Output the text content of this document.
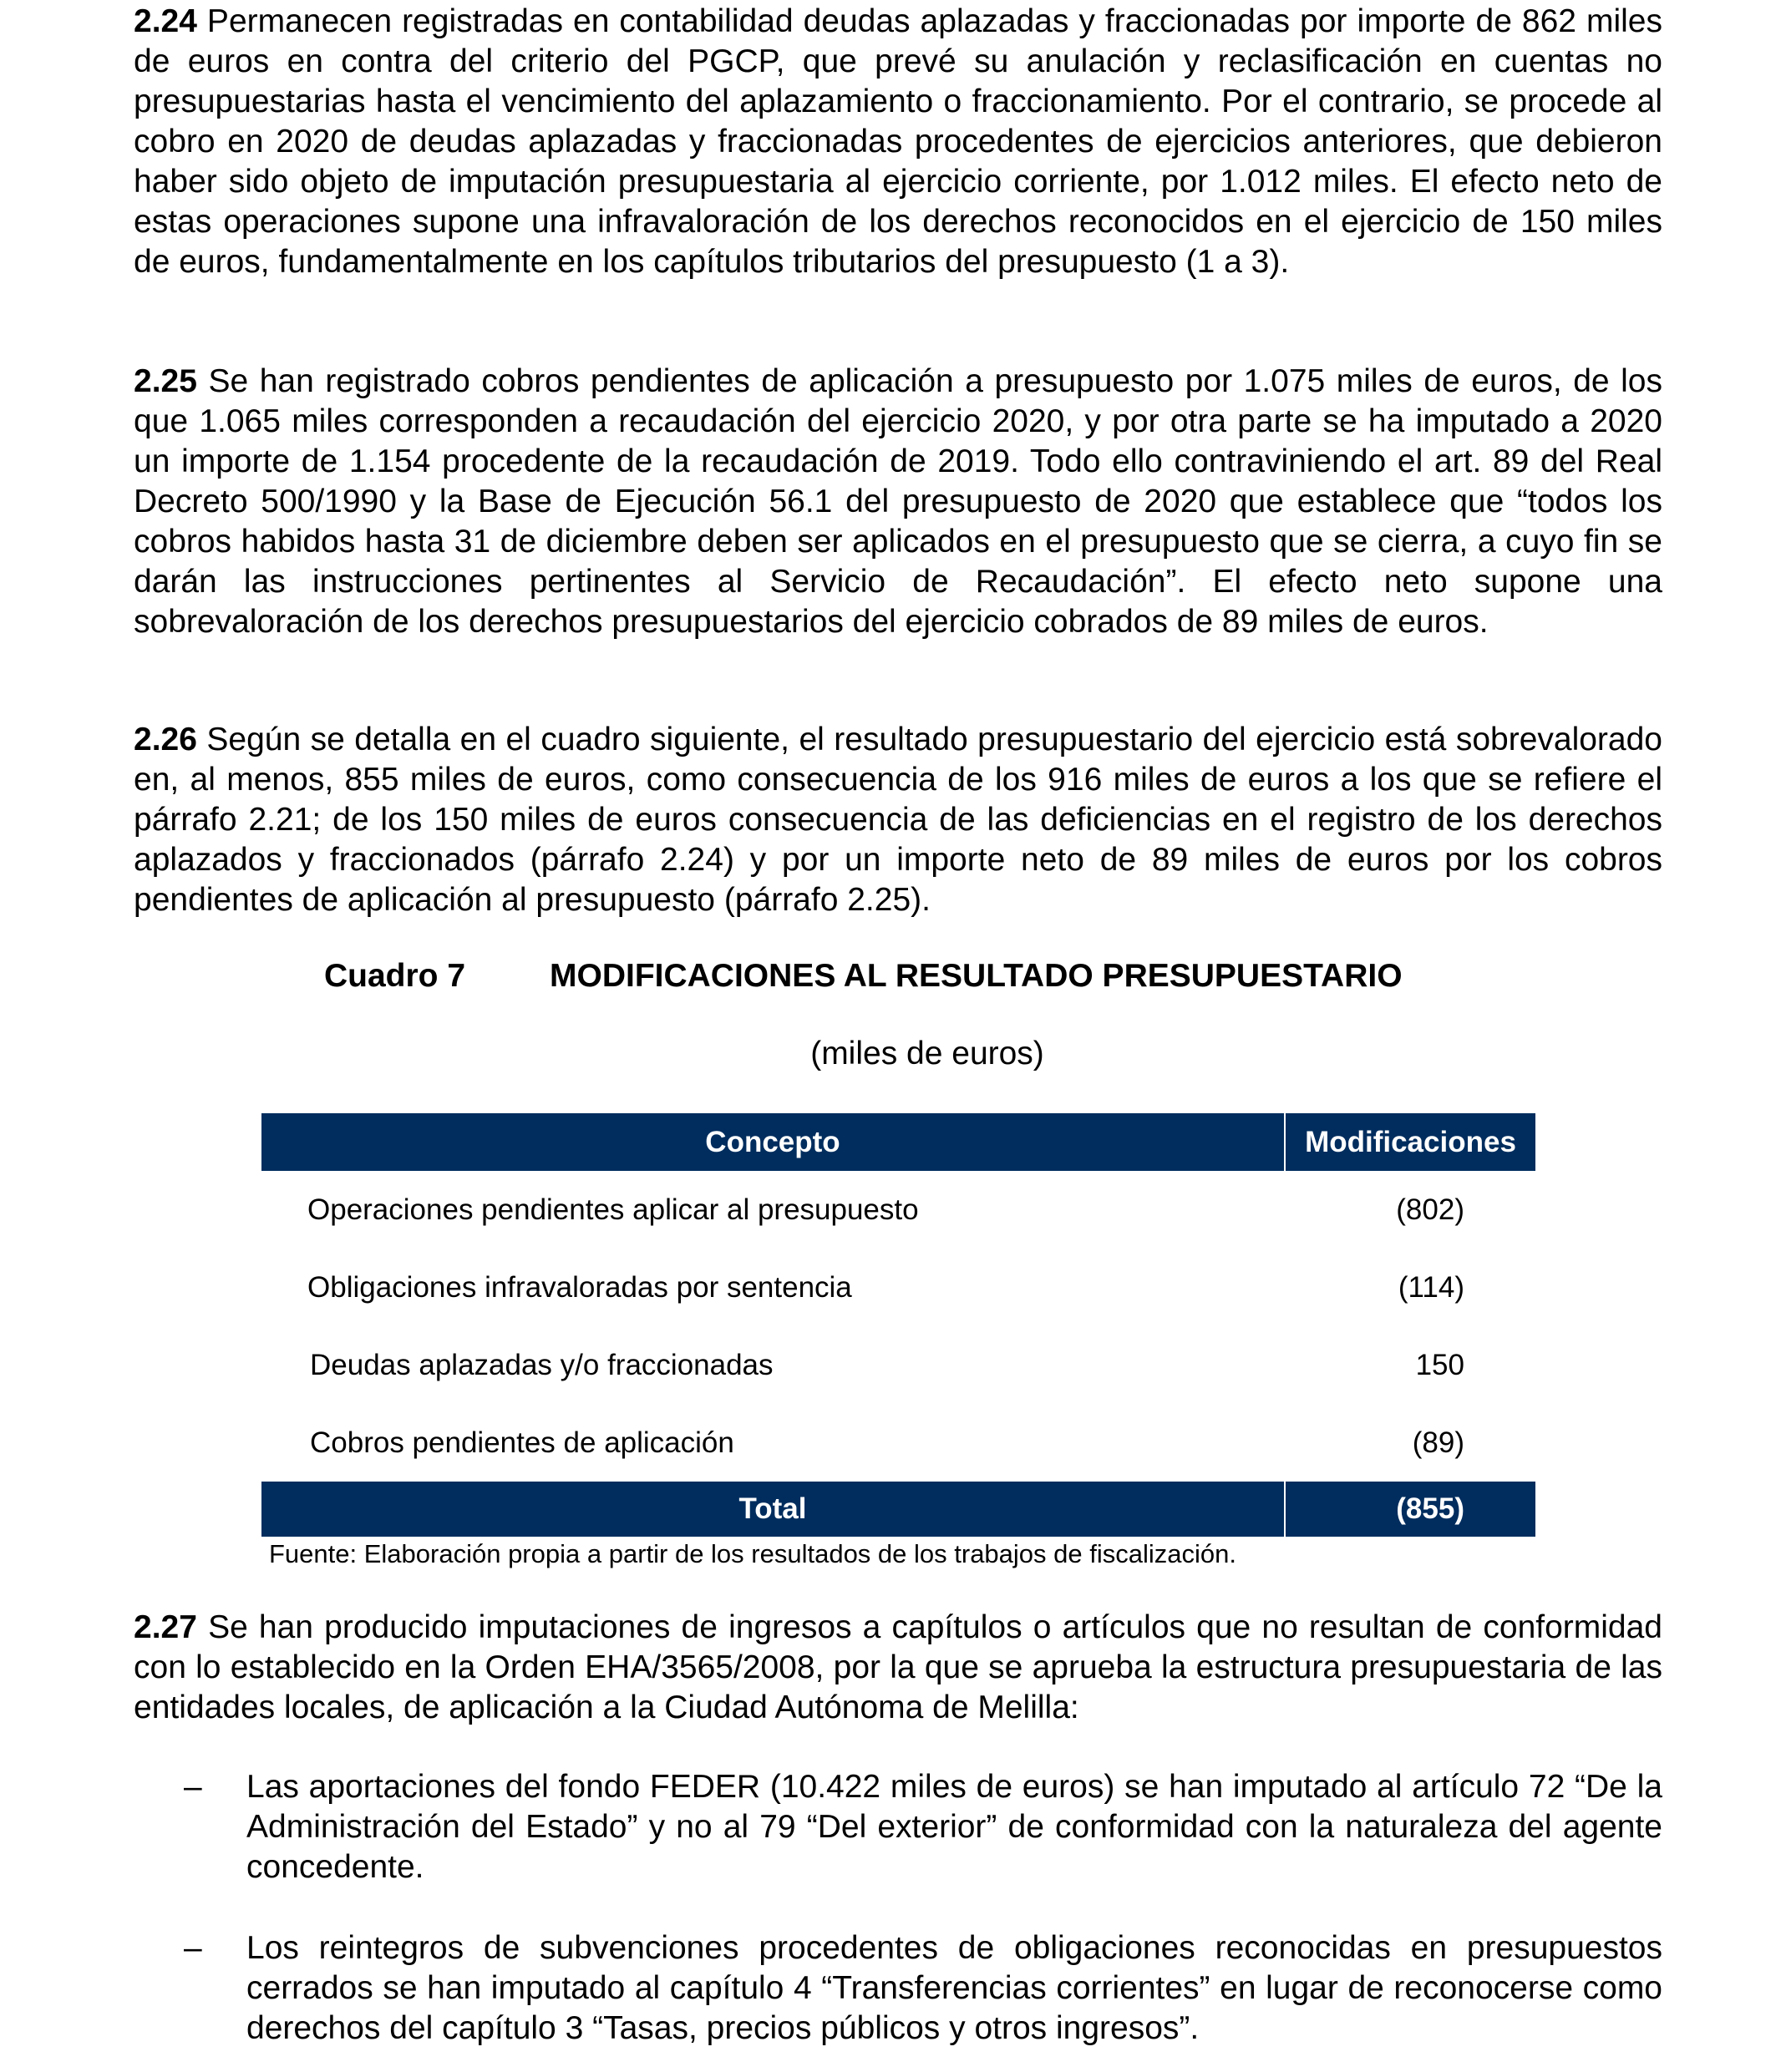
2.24 Permanecen registradas en contabilidad deudas aplazadas y fraccionadas por importe de 862 miles de euros en contra del criterio del PGCP, que prevé su anulación y reclasificación en cuentas no presupuestarias hasta el vencimiento del aplazamiento o fraccionamiento. Por el contrario, se procede al cobro en 2020 de deudas aplazadas y fraccionadas procedentes de ejercicios anteriores, que debieron haber sido objeto de imputación presupuestaria al ejercicio corriente, por 1.012 miles. El efecto neto de estas operaciones supone una infravaloración de los derechos reconocidos en el ejercicio de 150 miles de euros, fundamentalmente en los capítulos tributarios del presupuesto (1 a 3).

2.25 Se han registrado cobros pendientes de aplicación a presupuesto por 1.075 miles de euros, de los que 1.065 miles corresponden a recaudación del ejercicio 2020, y por otra parte se ha imputado a 2020 un importe de 1.154 procedente de la recaudación de 2019. Todo ello contraviniendo el art. 89 del Real Decreto 500/1990 y la Base de Ejecución 56.1 del presupuesto de 2020 que establece que “todos los cobros habidos hasta 31 de diciembre deben ser aplicados en el presupuesto que se cierra, a cuyo fin se darán las instrucciones pertinentes al Servicio de Recaudación”. El efecto neto supone una sobrevaloración de los derechos presupuestarios del ejercicio cobrados de 89 miles de euros.

2.26 Según se detalla en el cuadro siguiente, el resultado presupuestario del ejercicio está sobrevalorado en, al menos, 855 miles de euros, como consecuencia de los 916 miles de euros a los que se refiere el párrafo 2.21; de los 150 miles de euros consecuencia de las deficiencias en el registro de los derechos aplazados y fraccionados (párrafo 2.24) y por un importe neto de 89 miles de euros por los cobros pendientes de aplicación al presupuesto (párrafo 2.25).

Cuadro 7	MODIFICACIONES AL RESULTADO PRESUPUESTARIO
(miles de euros)
Concepto	Modificaciones
Operaciones pendientes aplicar al presupuesto	(802)
Obligaciones infravaloradas por sentencia	(114)
Deudas aplazadas y/o fraccionadas	150
Cobros pendientes de aplicación	(89)
Total	(855)
Fuente: Elaboración propia a partir de los resultados de los trabajos de fiscalización.

2.27 Se han producido imputaciones de ingresos a capítulos o artículos que no resultan de conformidad con lo establecido en la Orden EHA/3565/2008, por la que se aprueba la estructura presupuestaria de las entidades locales, de aplicación a la Ciudad Autónoma de Melilla:

– Las aportaciones del fondo FEDER (10.422 miles de euros) se han imputado al artículo 72 “De la Administración del Estado” y no al 79 “Del exterior” de conformidad con la naturaleza del agente concedente.

– Los reintegros de subvenciones procedentes de obligaciones reconocidas en presupuestos cerrados se han imputado al capítulo 4 “Transferencias corrientes” en lugar de reconocerse como derechos del capítulo 3 “Tasas, precios públicos y otros ingresos”.
